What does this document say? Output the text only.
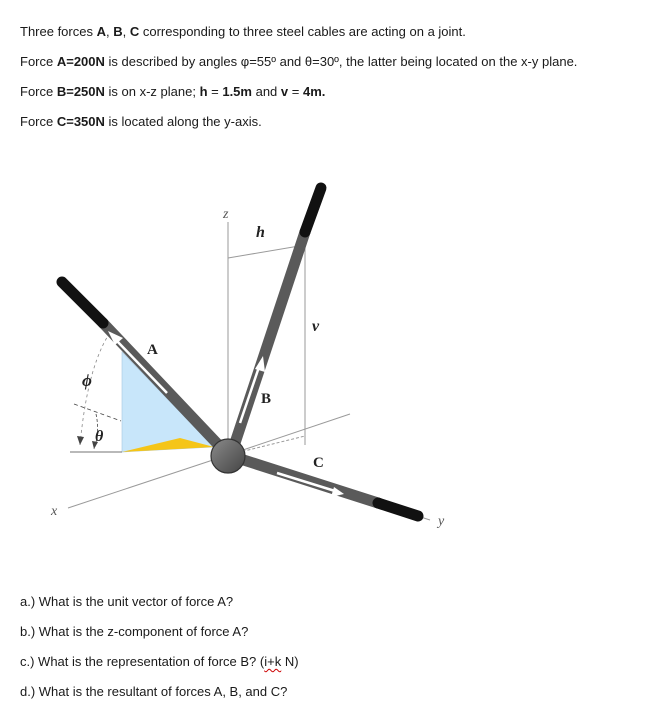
Three forces A, B, C corresponding to three steel cables are acting on a joint.
Force A=200N is described by angles φ=55º and θ=30º, the latter being located on the x-y plane.
Force B=250N is on x-z plane; h = 1.5m and v = 4m.
Force C=350N is located along the y-axis.
z
h
v
A
B
C
ϕ
θ
x
y
a.) What is the unit vector of force A?
b.) What is the z-component of force A?
c.) What is the representation of force B? (i+k N)
d.) What is the resultant of forces A, B, and C?
